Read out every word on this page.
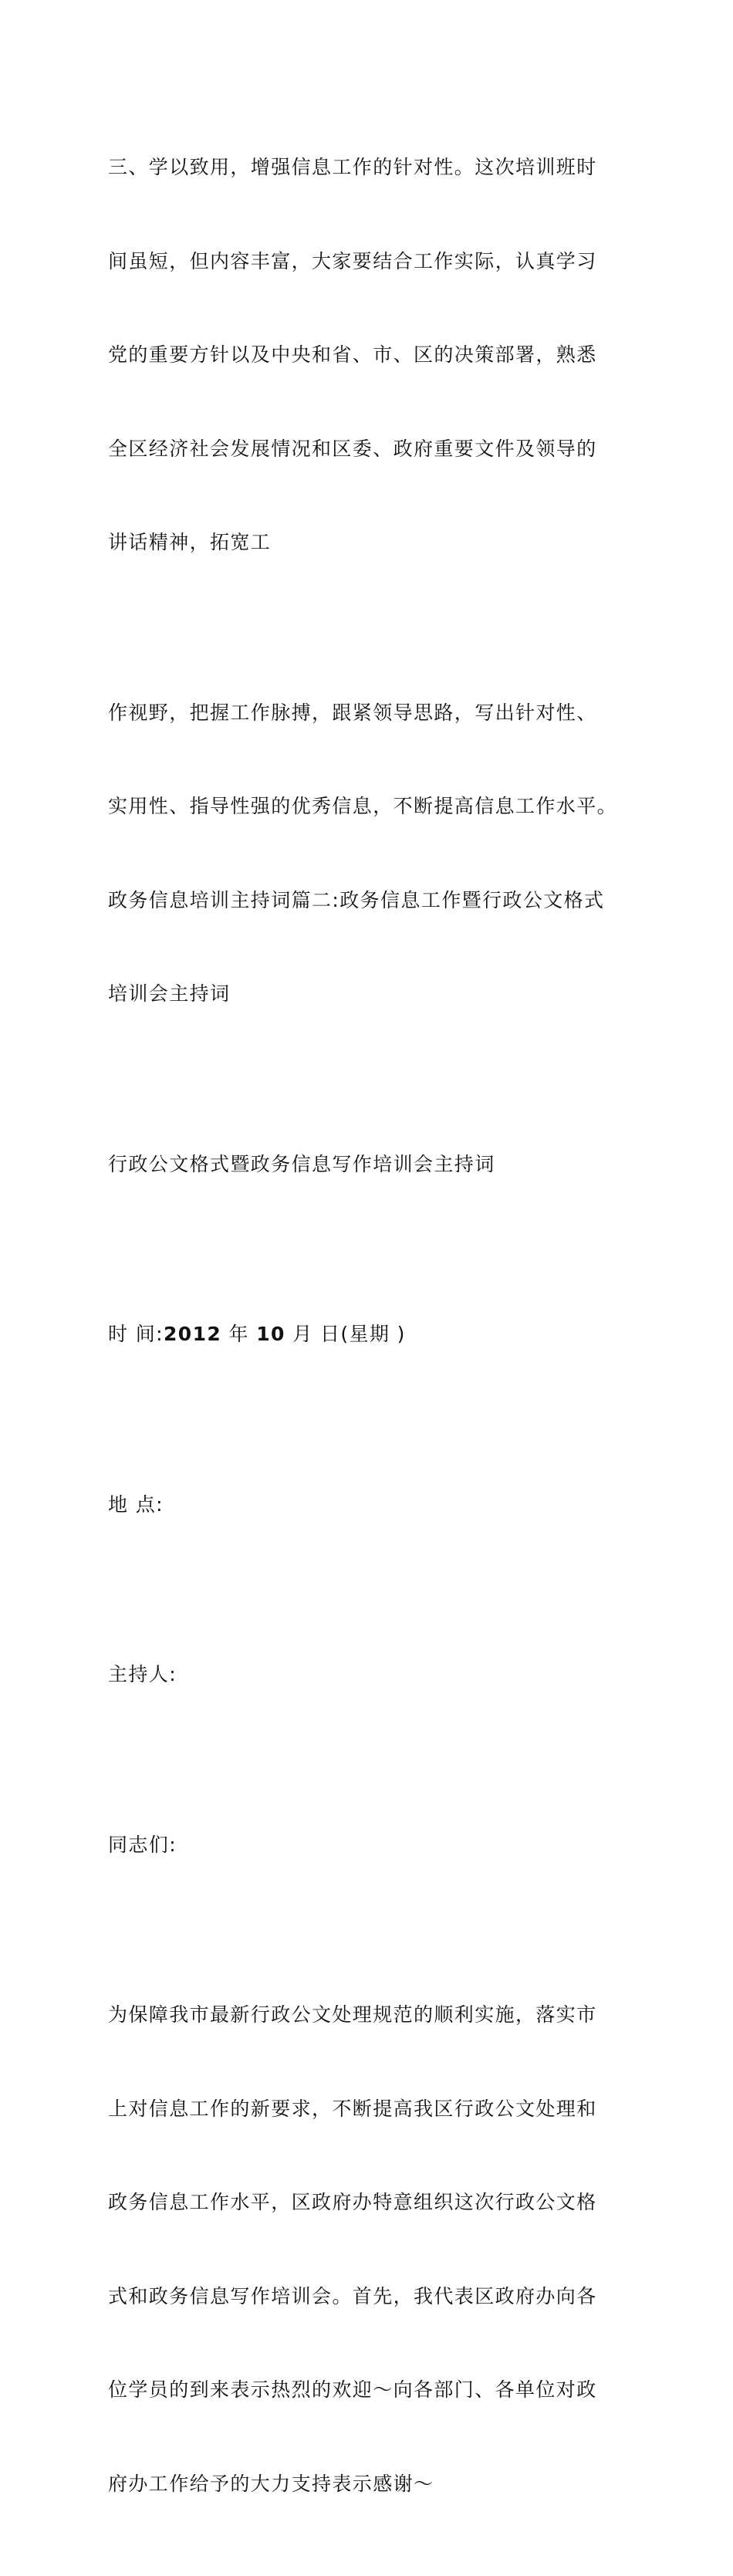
三、学以致用，增强信息工作的针对性。这次培训班时

间虽短，但内容丰富，大家要结合工作实际，认真学习

党的重要方针以及中央和省、市、区的决策部署，熟悉

全区经济社会发展情况和区委、政府重要文件及领导的

讲话精神，拓宽工

作视野，把握工作脉搏，跟紧领导思路，写出针对性、

实用性、指导性强的优秀信息，不断提高信息工作水平。

政务信息培训主持词篇二:政务信息工作暨行政公文格式

培训会主持词

行政公文格式暨政务信息写作培训会主持词

时 间:2012 年 10 月 日(星期 )

地 点:

主持人:

同志们:

为保障我市最新行政公文处理规范的顺利实施，落实市

上对信息工作的新要求，不断提高我区行政公文处理和

政务信息工作水平，区政府办特意组织这次行政公文格

式和政务信息写作培训会。首先，我代表区政府办向各

位学员的到来表示热烈的欢迎～向各部门、各单位对政

府办工作给予的大力支持表示感谢～
